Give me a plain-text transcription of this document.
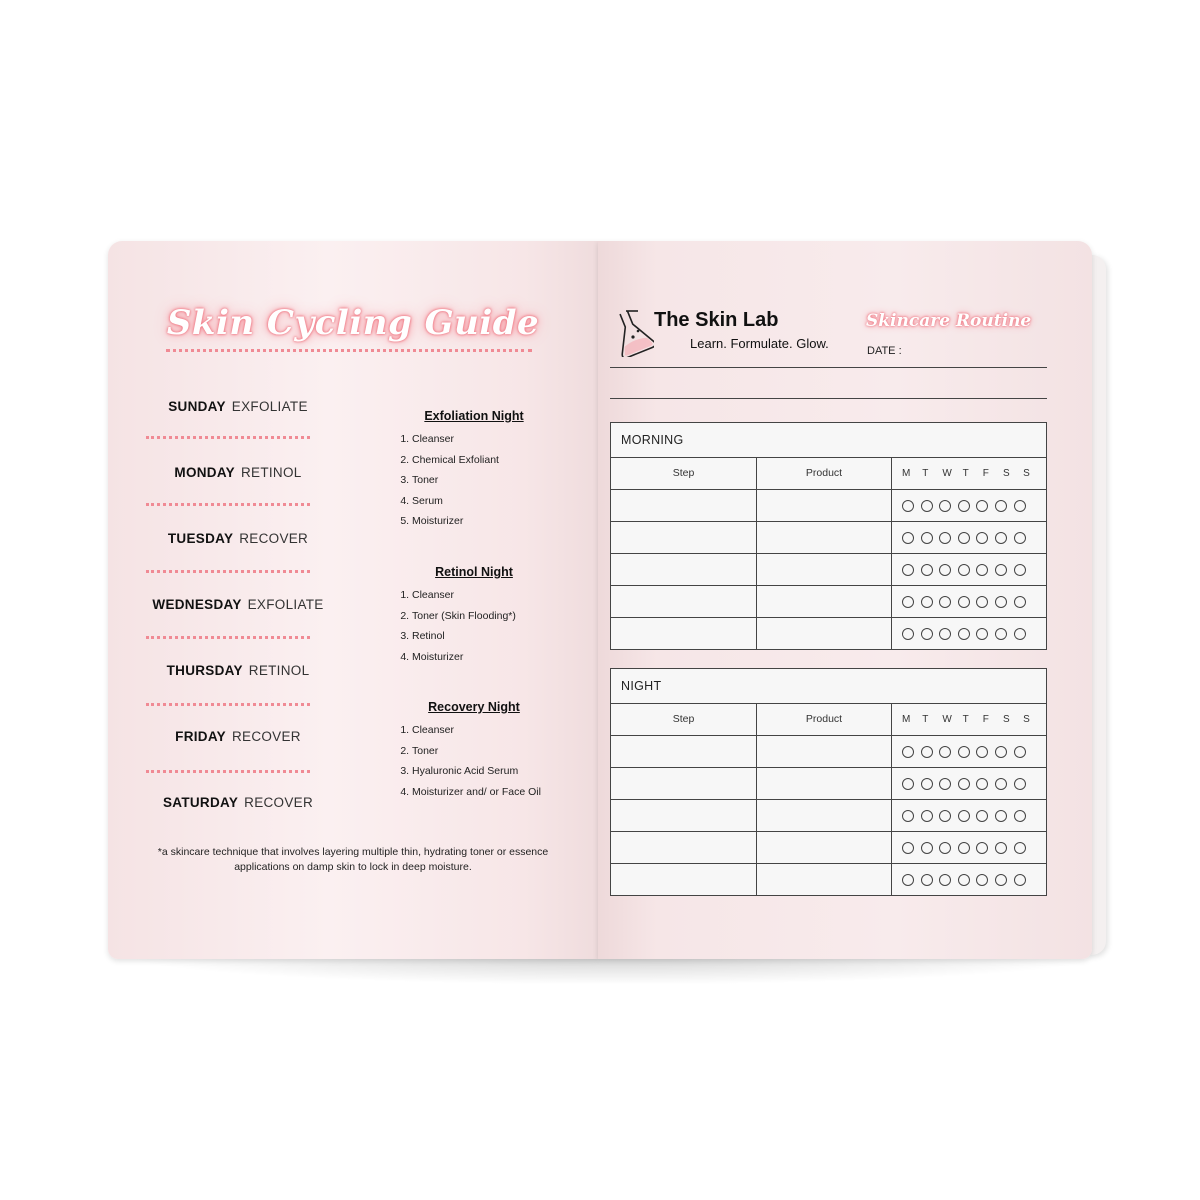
Skin Cycling Guide
SUNDAY EXFOLIATE
MONDAY RETINOL
TUESDAY RECOVER
WEDNESDAY EXFOLIATE
THURSDAY RETINOL
FRIDAY RECOVER
SATURDAY RECOVER
Exfoliation Night
1. Cleanser
2. Chemical Exfoliant
3. Toner
4. Serum
5. Moisturizer
Retinol Night
1. Cleanser
2. Toner (Skin Flooding*)
3. Retinol
4. Moisturizer
Recovery Night
1. Cleanser
2. Toner
3. Hyaluronic Acid Serum
4. Moisturizer and/ or Face Oil
*a skincare technique that involves layering multiple thin, hydrating toner or essence applications on damp skin to lock in deep moisture.
The Skin Lab
Learn. Formulate. Glow.
Skincare Routine
DATE :
MORNING
Step	Product	M	T	W	T	F	S	S
NIGHT
Step	Product	M	T	W	T	F	S	S
